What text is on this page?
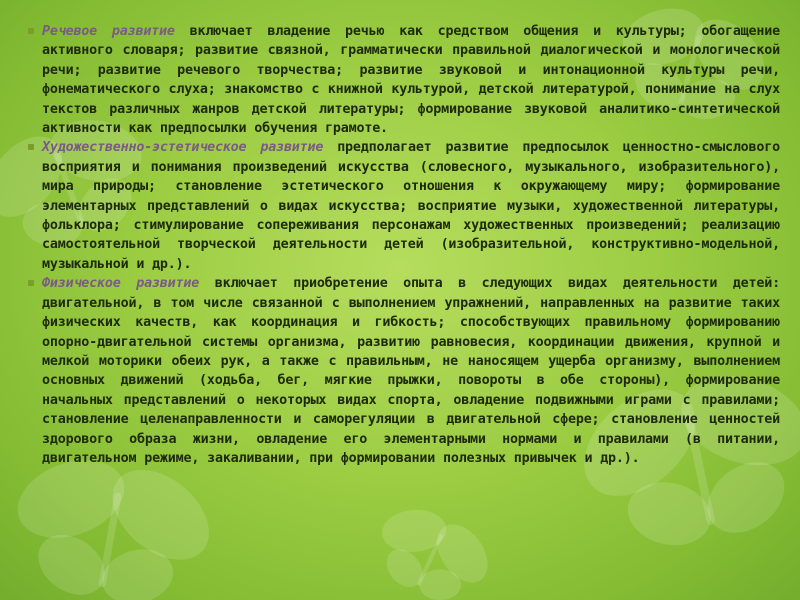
Речевое развитие включает владение речью как средством общения и культуры; обогащение активного словаря; развитие связной, грамматически правильной диалогической и монологической речи; развитие речевого творчества; развитие звуковой и интонационной культуры речи, фонематического слуха; знакомство с книжной культурой, детской литературой, понимание на слух текстов различных жанров детской литературы; формирование звуковой аналитико-синтетической активности как предпосылки обучения грамоте.

Художественно-эстетическое развитие предполагает развитие предпосылок ценностно-смыслового восприятия и понимания произведений искусства (словесного, музыкального, изобразительного), мира природы; становление эстетического отношения к окружающему миру; формирование элементарных представлений о видах искусства; восприятие музыки, художественной литературы, фольклора; стимулирование сопереживания персонажам художественных произведений; реализацию самостоятельной творческой деятельности детей (изобразительной, конструктивно-модельной, музыкальной и др.).

Физическое развитие включает приобретение опыта в следующих видах деятельности детей: двигательной, в том числе связанной с выполнением упражнений, направленных на развитие таких физических качеств, как координация и гибкость; способствующих правильному формированию опорно-двигательной системы организма, развитию равновесия, координации движения, крупной и мелкой моторики обеих рук, а также с правильным, не наносящем ущерба организму, выполнением основных движений (ходьба, бег, мягкие прыжки, повороты в обе стороны), формирование начальных представлений о некоторых видах спорта, овладение подвижными играми с правилами; становление целенаправленности и саморегуляции в двигательной сфере; становление ценностей здорового образа жизни, овладение его элементарными нормами и правилами (в питании, двигательном режиме, закаливании, при формировании полезных привычек и др.).
